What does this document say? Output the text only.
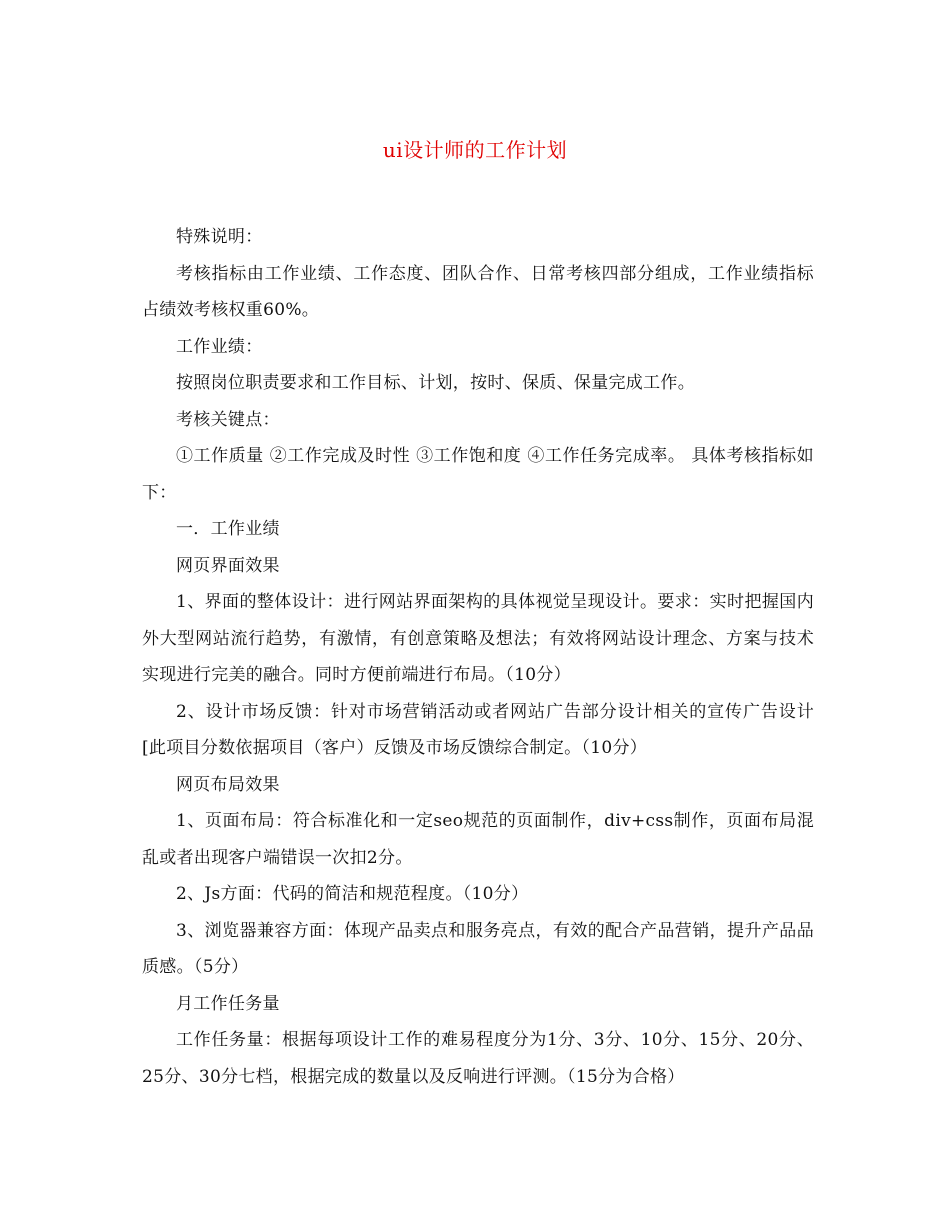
ui设计师的工作计划

特殊说明：

考核指标由工作业绩、工作态度、团队合作、日常考核四部分组成，工作业绩指标占绩效考核权重60%。

工作业绩：

按照岗位职责要求和工作目标、计划，按时、保质、保量完成工作。

考核关键点：

①工作质量 ②工作完成及时性 ③工作饱和度 ④工作任务完成率。 具体考核指标如下：

一．工作业绩

网页界面效果

1、界面的整体设计：进行网站界面架构的具体视觉呈现设计。要求：实时把握国内外大型网站流行趋势，有激情，有创意策略及想法；有效将网站设计理念、方案与技术实现进行完美的融合。同时方便前端进行布局。（10分）

2、设计市场反馈：针对市场营销活动或者网站广告部分设计相关的宣传广告设计[此项目分数依据项目（客户）反馈及市场反馈综合制定。（10分）

网页布局效果

1、页面布局：符合标准化和一定seo规范的页面制作，div+css制作，页面布局混乱或者出现客户端错误一次扣2分。

2、Js方面：代码的简洁和规范程度。（10分）

3、浏览器兼容方面：体现产品卖点和服务亮点，有效的配合产品营销，提升产品品质感。（5分）

月工作任务量

工作任务量：根据每项设计工作的难易程度分为1分、3分、10分、15分、20分、25分、30分七档，根据完成的数量以及反响进行评测。（15分为合格）
